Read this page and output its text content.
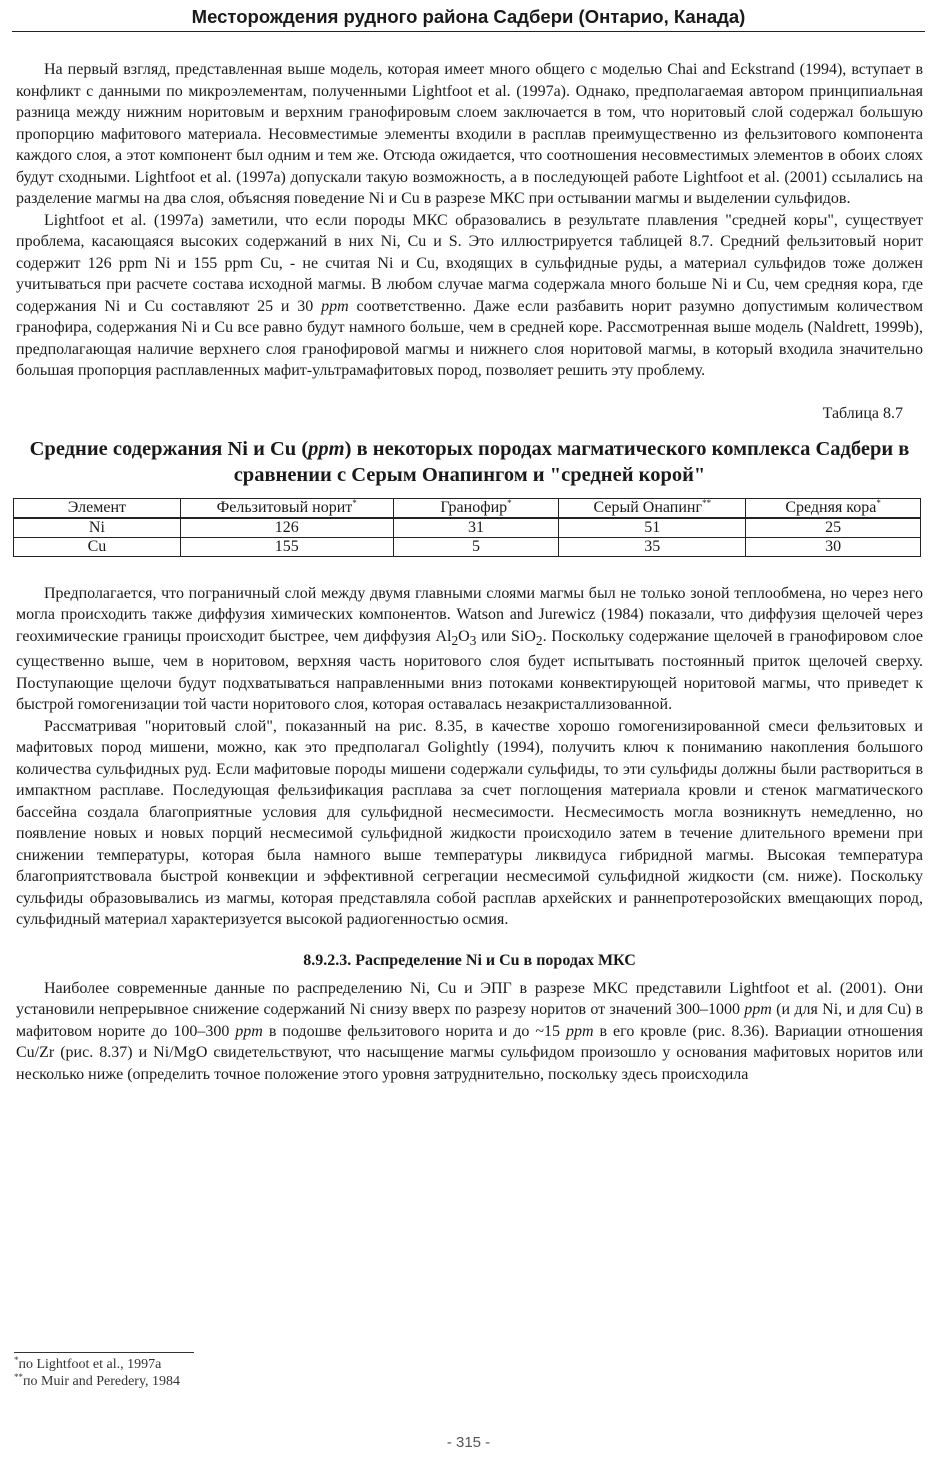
Месторождения рудного района Садбери (Онтарио, Канада)

На первый взгляд, представленная выше модель, которая имеет много общего с моделью Chai and Eckstrand (1994), вступает в конфликт с данными по микроэлементам, полученными Lightfoot et al. (1997a). Однако, предполагаемая автором принципиальная разница между нижним норитовым и верхним гранофировым слоем заключается в том, что норитовый слой содержал большую пропорцию мафитового материала. Несовместимые элементы входили в расплав преимущественно из фельзитового компонента каждого слоя, а этот компонент был одним и тем же. Отсюда ожидается, что соотношения несовместимых элементов в обоих слоях будут сходными. Lightfoot et al. (1997a) допускали такую возможность, а в последующей работе Lightfoot et al. (2001) ссылались на разделение магмы на два слоя, объясняя поведение Ni и Cu в разрезе МКС при остывании магмы и выделении сульфидов.

Lightfoot et al. (1997a) заметили, что если породы МКС образовались в результате плавления "средней коры", существует проблема, касающаяся высоких содержаний в них Ni, Cu и S. Это иллюстрируется таблицей 8.7. Средний фельзитовый норит содержит 126 ppm Ni и 155 ppm Cu, - не считая Ni и Cu, входящих в сульфидные руды, а материал сульфидов тоже должен учитываться при расчете состава исходной магмы. В любом случае магма содержала много больше Ni и Cu, чем средняя кора, где содержания Ni и Cu составляют 25 и 30 ppm соответственно. Даже если разбавить норит разумно допустимым количеством гранофира, содержания Ni и Cu все равно будут намного больше, чем в средней коре. Рассмотренная выше модель (Naldrett, 1999b), предполагающая наличие верхнего слоя гранофировой магмы и нижнего слоя норитовой магмы, в который входила значительно большая пропорция расплавленных мафит-ультрамафитовых пород, позволяет решить эту проблему.

Таблица 8.7
Средние содержания Ni и Cu (ppm) в некоторых породах магматического комплекса Садбери в сравнении с Серым Онапингом и "средней корой"
Элемент	Фельзитовый норит*	Гранофир*	Серый Онапинг**	Средняя кора*
Ni	126	31	51	25
Cu	155	5	35	30

Предполагается, что пограничный слой между двумя главными слоями магмы был не только зоной теплообмена, но через него могла происходить также диффузия химических компонентов. Watson and Jurewicz (1984) показали, что диффузия щелочей через геохимические границы происходит быстрее, чем диффузия $Al_2O_3$ или SiO$_2$. Поскольку содержание щелочей в гранофировом слое существенно выше, чем в норитовом, верхняя часть норитового слоя будет испытывать постоянный приток щелочей сверху. Поступающие щелочи будут подхватываться направленными вниз потоками конвектирующей норитовой магмы, что приведет к быстрой гомогенизации той части норитового слоя, которая оставалась незакристаллизованной.

Рассматривая "норитовый слой", показанный на рис. 8.35, в качестве хорошо гомогенизированной смеси фельзитовых и мафитовых пород мишени, можно, как это предполагал Golightly (1994), получить ключ к пониманию накопления большого количества сульфидных руд. Если мафитовые породы мишени содержали сульфиды, то эти сульфиды должны были раствориться в импактном расплаве. Последующая фельзификация расплава за счет поглощения материала кровли и стенок магматического бассейна создала благоприятные условия для сульфидной несмесимости. Несмесимость могла возникнуть немедленно, но появление новых и новых порций несмесимой сульфидной жидкости происходило затем в течение длительного времени при снижении температуры, которая была намного выше температуры ликвидуса гибридной магмы. Высокая температура благоприятствовала быстрой конвекции и эффективной сегрегации несмесимой сульфидной жидкости (см. ниже). Поскольку сульфиды образовывались из магмы, которая представляла собой расплав архейских и раннепротерозойских вмещающих пород, сульфидный материал характеризуется высокой радиогенностью осмия.

8.9.2.3. Распределение Ni и Cu в породах МКС

Наиболее современные данные по распределению Ni, Cu и ЭПГ в разрезе МКС представили Lightfoot et al. (2001). Они установили непрерывное снижение содержаний Ni снизу вверх по разрезу норитов от значений 300–1000 ppm (и для Ni, и для Cu) в мафитовом норите до 100–300 ppm в подошве фельзитового норита и до ~15 ppm в его кровле (рис. 8.36). Вариации отношения Cu/Zr (рис. 8.37) и Ni/MgO свидетельствуют, что насыщение магмы сульфидом произошло у основания мафитовых норитов или несколько ниже (определить точное положение этого уровня затруднительно, поскольку здесь происходила

*по Lightfoot et al., 1997a
**по Muir and Peredery, 1984
- 315 -
